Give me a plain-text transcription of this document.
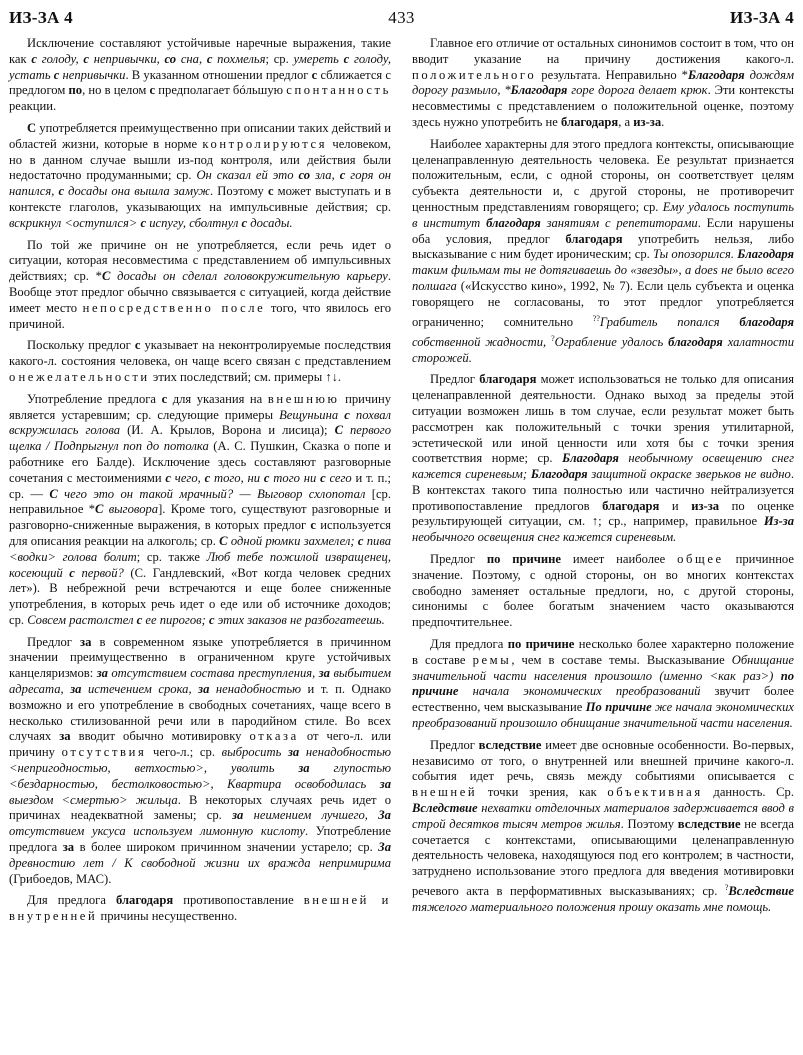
433
ИЗ-ЗА 4	ИЗ-ЗА 4

Исключение составляют устойчивые наречные выражения, такие как с голоду, с непривычки, со сна, с похмелья; ср. умереть с голоду, устать с непривычки. В указанном отношении предлог с сближается с предлогом по, но в целом с предполагает бóльшую спонтанность реакции.

С употребляется преимущественно при описании таких действий и областей жизни, которые в норме контролируются человеком, но в данном случае вышли из-под контроля, или действия были недостаточно продуманными; ср. Он сказал ей это со зла, с горя он напился, с досады она вышла замуж. Поэтому с может выступать и в контексте глаголов, указывающих на импульсивные действия; ср. вскрикнул <оступился> с испугу, сболтнул с досады.

По той же причине он не употребляется, если речь идет о ситуации, которая несовместима с представлением об импульсивных действиях; ср. *С досады он сделал головокружительную карьеру. Вообще этот предлог обычно связывается с ситуацией, когда действие имеет место непосредственно после того, что явилось его причиной.

Поскольку предлог с указывает на неконтролируемые последствия какого-л. состояния человека, он чаще всего связан с представлением о нежелательности этих последствий; см. примеры ↑↓.

Употребление предлога с для указания на внешнюю причину является устаревшим; ср. следующие примеры Вещуньина с похвал вскружилась голова (И. А. Крылов, Ворона и лисица); С первого щелка / Подпрыгнул поп до потолка (А. С. Пушкин, Сказка о попе и работнике его Балде). Исключение здесь составляют разговорные сочетания с местоимениями с чего, с того, ни с того ни с сего и т. п.; ср. — С чего это он такой мрачный? — Выговор схлопотал [ср. неправильное *С выговора]. Кроме того, существуют разговорные и разговорно-сниженные выражения, в которых предлог с используется для описания реакции на алкоголь; ср. С одной рюмки захмелел; с пива <водки> голова болит; ср. также Люб тебе пожилой извращенец, косеющий с первой? (С. Гандлевский, «Вот когда человек средних лет»). В небрежной речи встречаются и еще более сниженные употребления, в которых речь идет о еде или об источнике доходов; ср. Совсем растолстел с ее пирогов; с этих заказов не разбогатеешь.

Предлог за в современном языке употребляется в причинном значении преимущественно в ограниченном круге устойчивых канцеляризмов: за отсутствием состава преступления, за выбытием адресата, за истечением срока, за ненадобностью и т. п. Однако возможно и его употребление в свободных сочетаниях, чаще всего в несколько стилизованной речи или в пародийном стиле. Во всех случаях за вводит обычно мотивировку отказа от чего-л. или причину отсутствия чего-л.; ср. выбросить за ненадобностью <непригодностью, ветхостью>, уволить за глупостью <бездарностью, бестолковостью>, Квартира освободилась за выездом <смертью> жильца. В некоторых случаях речь идет о причинах неадекватной замены; ср. за неимением лучшего, За отсутствием уксуса используем лимонную кислоту. Употребление предлога за в более широком причинном значении устарело; ср. За древностию лет / К свободной жизни их вражда непримирима (Грибоедов, МАС).

Для предлога благодаря противопоставление внешней и внутренней причины несущественно.

Главное его отличие от остальных синонимов состоит в том, что он вводит указание на причину достижения какого-л. положительного результата. Неправильно *Благодаря дождям дорогу размыло, *Благодаря горе дорога делает крюк. Эти контексты несовместимы с представлением о положительной оценке, поэтому здесь нужно употребить не благодаря, а из-за.

Наиболее характерны для этого предлога контексты, описывающие целенаправленную деятельность человека. Ее результат признается положительным, если, с одной стороны, он соответствует целям субъекта деятельности и, с другой стороны, не противоречит ценностным представлениям говорящего; ср. Ему удалось поступить в институт благодаря занятиям с репетиторами. Если нарушены оба условия, предлог благодаря употребить нельзя, либо высказывание с ним будет ироническим; ср. Ты опозорился. Благодаря таким фильмам ты не дотягиваешь до «звезды», а does не было всего полшага («Искусство кино», 1992, № 7). Если цель субъекта и оценка говорящего не согласованы, то этот предлог употребляется ограниченно; сомнительно ??Грабитель попался благодаря собственной жадности, ?Ограбление удалось благодаря халатности сторожей.

Предлог благодаря может использоваться не только для описания целенаправленной деятельности. Однако выход за пределы этой ситуации возможен лишь в том случае, если результат может быть рассмотрен как положительный с точки зрения утилитарной, эстетической или иной ценности или хотя бы с точки зрения соответствия норме; ср. Благодаря необычному освещению снег кажется сиреневым; Благодаря защитной окраске зверьков не видно. В контекстах такого типа полностью или частично нейтрализуется противопоставление предлогов благодаря и из-за по оценке результирующей ситуации, см. ↑; ср., например, правильное Из-за необычного освещения снег кажется сиреневым.

Предлог по причине имеет наиболее общее причинное значение. Поэтому, с одной стороны, он во многих контекстах свободно заменяет остальные предлоги, но, с другой стороны, синонимы с более богатым значением часто оказываются предпочтительнее.

Для предлога по причине несколько более характерно положение в составе ремы, чем в составе темы. Высказывание Обнищание значительной части населения произошло (именно <как раз>) по причине начала экономических преобразований звучит более естественно, чем высказывание По причине же начала экономических преобразований произошло обнищание значительной части населения.

Предлог вследствие имеет две основные особенности. Во-первых, независимо от того, о внутренней или внешней причине какого-л. события идет речь, связь между событиями описывается с внешней точки зрения, как объективная данность. Ср. Вследствие нехватки отделочных материалов задерживается ввод в строй десятков тысяч метров жилья. Поэтому вследствие не всегда сочетается с контекстами, описывающими целенаправленную деятельность человека, находящуюся под его контролем; в частности, затруднено использование этого предлога для введения мотивировки речевого акта в перформативных высказываниях; ср. ?Вследствие тяжелого материального положения прошу оказать мне помощь.
